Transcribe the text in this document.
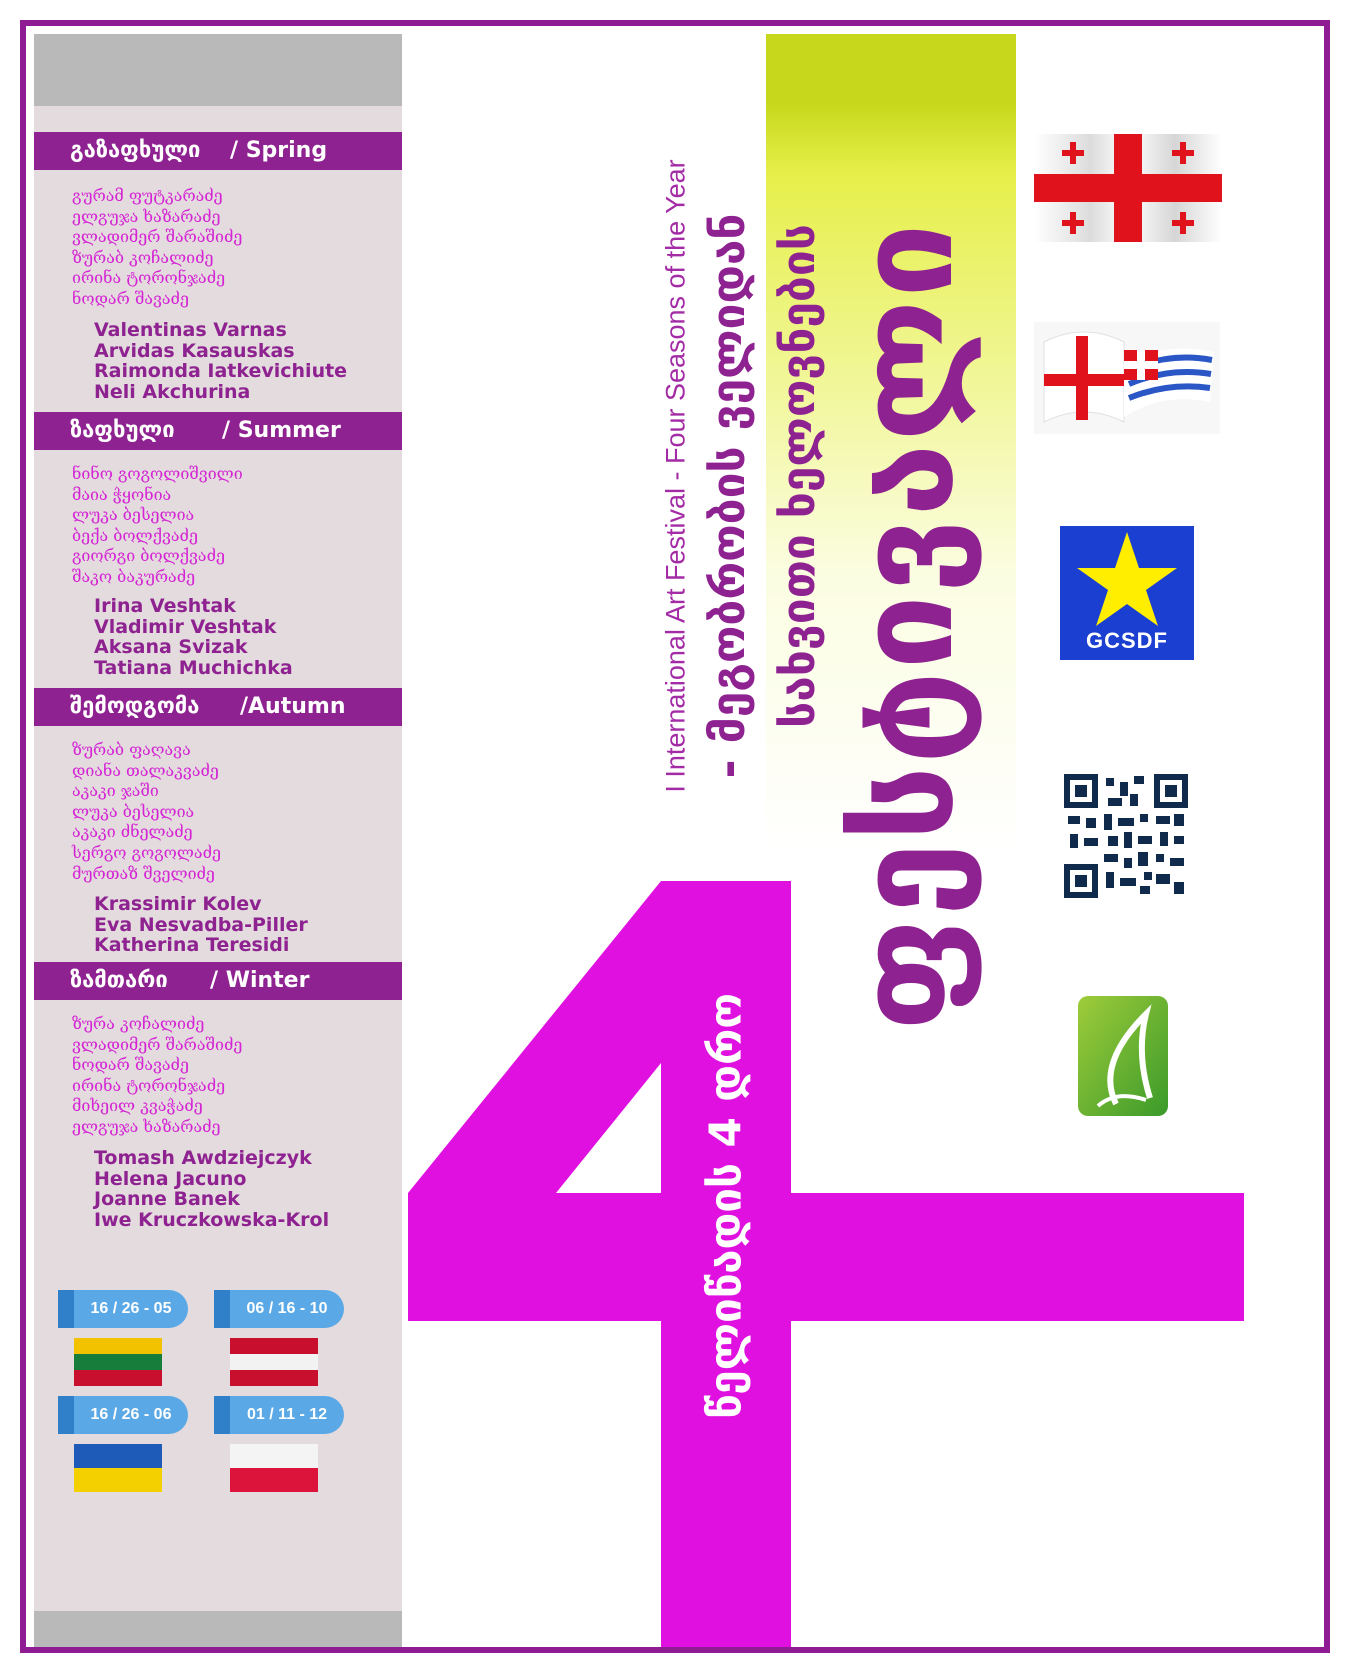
გაზაფხული / Spring
გურამ ფუტკარაძე
ელგუჯა ხაზარაძე
ვლადიმერ შარაშიძე
ზურაბ კოჩალიძე
ირინა ტორონჯაძე
ნოდარ შავაძე
Valentinas Varnas
Arvidas Kasauskas
Raimonda Iatkevichiute
Neli Akchurina
ზაფხული / Summer
ნინო გოგოლიშვილი
მაია ჭყონია
ლუკა ბესელია
ბექა ბოლქვაძე
გიორგი ბოლქვაძე
შაკო ბაკურაძე
Irina Veshtak
Vladimir Veshtak
Aksana Svizak
Tatiana Muchichka
შემოდგომა /Autumn
ზურაბ ფაღავა
დიანა თალაკვაძე
აკაკი ჯაში
ლუკა ბესელია
აკაკი ძნელაძე
სერგო გოგოლაძე
მურთაზ შველიძე
Krassimir Kolev
Eva Nesvadba-Piller
Katherina Teresidi
ზამთარი / Winter
ზურა კოჩალიძე
ვლადიმერ შარაშიძე
ნოდარ შავაძე
ირინა ტორონჯაძე
მიხეილ კვაჭაძე
ელგუჯა ხაზარაძე
Tomash Awdziejczyk
Helena Jacuno
Joanne Banek
Iwe Kruczkowska-Krol
16 / 26 - 05	06 / 16 - 10
16 / 26 - 06	01 / 11 - 12
I International Art Festival - Four Seasons of the Year - მეგობრობის ველიდან სახვითი ხელოვნების
წელიწადის 4 დრო
ფესტივალი	GCSDF
